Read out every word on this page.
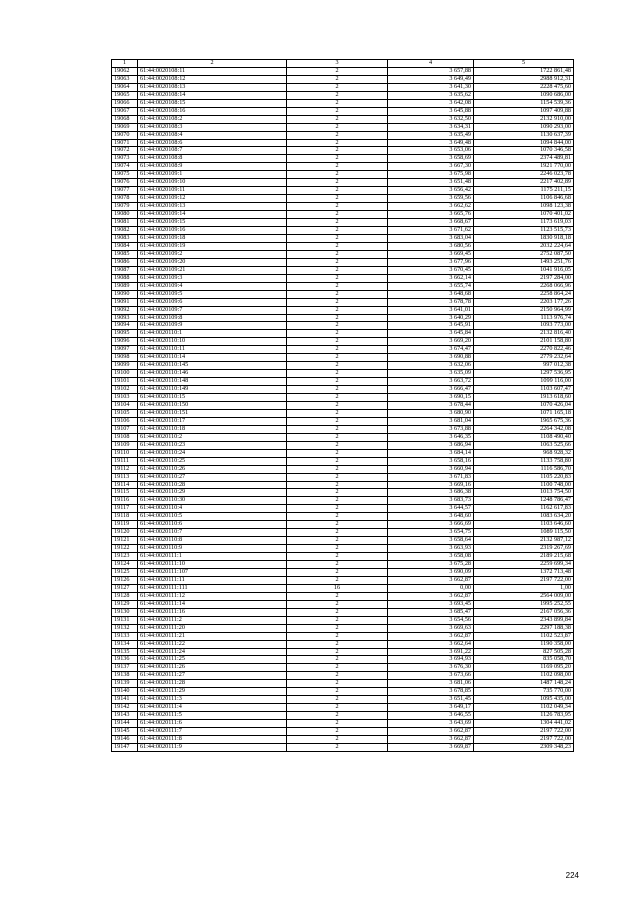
1	2	3	4	5
19062	61:44:0020108:11	2	3 657,88	1722 861,48
19063	61:44:0020108:12	2	3 649,49	2988 912,31
19064	61:44:0020108:13	2	3 641,30	2228 475,60
19065	61:44:0020108:14	2	3 635,62	1090 686,00
19066	61:44:0020108:15	2	3 642,08	1154 539,36
19067	61:44:0020108:16	2	3 645,88	1097 409,88
19068	61:44:0020108:2	2	3 632,50	2132 910,00
19069	61:44:0020108:3	2	3 634,31	1090 293,00
19070	61:44:0020108:4	2	3 635,49	1130 637,39
19071	61:44:0020108:6	2	3 649,48	1094 844,00
19072	61:44:0020108:7	2	3 653,06	1070 346,58
19073	61:44:0020108:8	2	3 658,69	2374 489,81
19074	61:44:0020108:9	2	3 667,30	1921 770,00
19075	61:44:0020109:1	2	3 675,98	2246 023,78
19076	61:44:0020109:10	2	3 651,48	2217 402,89
19077	61:44:0020109:11	2	3 656,42	1175 211,15
19078	61:44:0020109:12	2	3 659,56	1106 846,68
19079	61:44:0020109:13	2	3 662,62	1098 123,38
19080	61:44:0020109:14	2	3 665,76	1070 401,02
19081	61:44:0020109:15	2	3 668,67	1173 619,03
19082	61:44:0020109:16	2	3 671,62	1123 515,73
19083	61:44:0020109:18	2	3 683,04	1830 918,18
19084	61:44:0020109:19	2	3 680,56	2032 224,64
19085	61:44:0020109:2	2	3 669,45	2752 087,50
19086	61:44:0020109:20	2	3 677,96	1493 251,76
19087	61:44:0020109:21	2	3 670,45	1041 916,05
19088	61:44:0020109:3	2	3 662,14	2197 284,00
19089	61:44:0020109:4	2	3 655,74	2268 066,96
19090	61:44:0020109:5	2	3 648,68	2258 864,24
19091	61:44:0020109:6	2	3 678,78	2203 177,26
19092	61:44:0020109:7	2	3 641,01	2150 964,99
19093	61:44:0020109:8	2	3 640,29	1113 976,74
19094	61:44:0020109:9	2	3 645,91	1093 773,00
19095	61:44:0020110:1	2	3 645,84	2132 816,40
19096	61:44:0020110:10	2	3 669,20	2101 158,80
19097	61:44:0020110:11	2	3 674,47	2270 822,46
19098	61:44:0020110:14	2	3 690,88	2779 232,64
19099	61:44:0020110:145	2	3 632,06	997 012,38
19100	61:44:0020110:146	2	3 635,09	1297 536,95
19101	61:44:0020110:148	2	3 663,72	1099 116,00
19102	61:44:0020110:149	2	3 666,47	1103 607,47
19103	61:44:0020110:15	2	3 690,15	1913 618,60
19104	61:44:0020110:150	2	3 678,44	1070 426,04
19105	61:44:0020110:151	2	3 680,90	1071 165,18
19106	61:44:0020110:17	2	3 681,04	1965 675,36
19107	61:44:0020110:18	2	3 673,88	2264 342,08
19108	61:44:0020110:2	2	3 646,35	1108 490,40
19109	61:44:0020110:23	2	3 686,94	1063 525,66
19110	61:44:0020110:24	2	3 684,14	968 928,32
19111	61:44:0020110:25	2	3 658,16	1133 758,80
19112	61:44:0020110:26	2	3 660,94	1116 586,70
19113	61:44:0020110:27	2	3 671,83	1105 220,83
19114	61:44:0020110:28	2	3 669,16	1100 748,00
19115	61:44:0020110:29	2	3 686,38	1013 754,50
19116	61:44:0020110:30	2	3 683,73	1248 786,47
19117	61:44:0020110:4	2	3 644,57	1162 617,83
19118	61:44:0020110:5	2	3 648,60	1083 634,20
19119	61:44:0020110:6	2	3 666,69	1103 646,60
19120	61:44:0020110:7	2	3 654,75	1089 115,50
19121	61:44:0020110:8	2	3 658,64	2132 987,12
19122	61:44:0020110:9	2	3 663,93	2319 267,69
19123	61:44:0020111:1	2	3 658,08	2189 215,68
19124	61:44:0020111:10	2	3 675,28	2259 699,34
19125	61:44:0020111:107	2	3 690,09	1372 713,48
19126	61:44:0020111:11	2	3 662,87	2197 722,00
19127	61:44:0020111:111	16	0,00	1,00
19128	61:44:0020111:12	2	3 662,87	2564 009,00
19129	61:44:0020111:14	2	3 693,45	1995 252,55
19130	61:44:0020111:16	2	3 685,47	2167 056,36
19131	61:44:0020111:2	2	3 654,56	2343 899,84
19132	61:44:0020111:20	2	3 669,63	2297 188,38
19133	61:44:0020111:21	2	3 662,87	1102 523,87
19134	61:44:0020111:22	2	3 662,64	1190 358,00
19135	61:44:0020111:24	2	3 691,22	827 505,28
19136	61:44:0020111:25	2	3 694,93	835 058,70
19137	61:44:0020111:26	2	3 676,30	1169 095,20
19138	61:44:0020111:27	2	3 673,66	1102 098,00
19139	61:44:0020111:28	2	3 681,06	1487 148,24
19140	61:44:0020111:29	2	3 678,85	735 770,00
19141	61:44:0020111:3	2	3 651,45	1095 435,00
19142	61:44:0020111:4	2	3 649,17	1102 049,34
19143	61:44:0020111:5	2	3 646,55	1126 783,95
19144	61:44:0020111:6	2	3 643,69	1304 441,02
19145	61:44:0020111:7	2	3 662,87	2197 722,00
19146	61:44:0020111:8	2	3 662,87	2197 722,00
19147	61:44:0020111:9	2	3 669,87	2309 348,23
224
